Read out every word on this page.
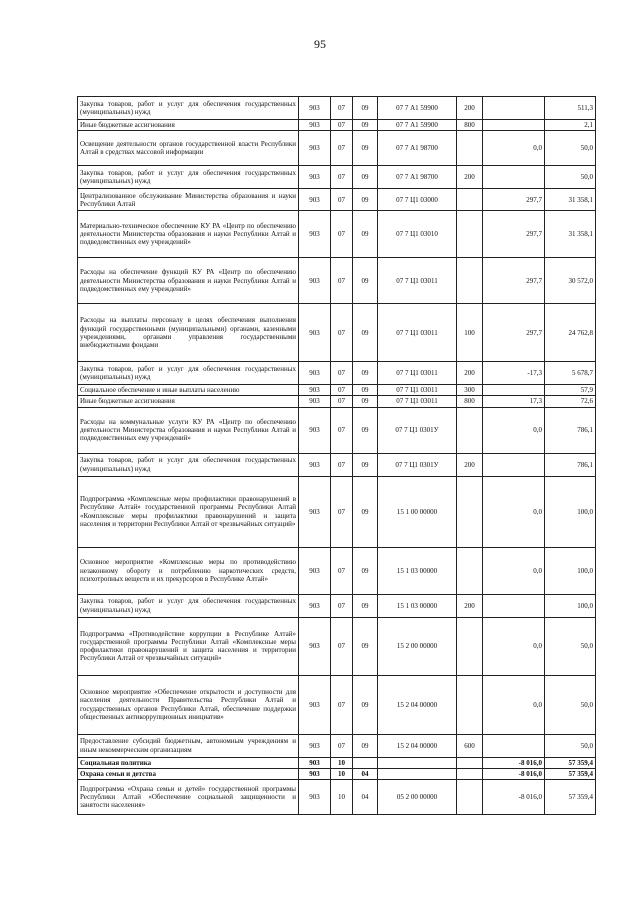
95
Закупка товаров, работ и услуг для обеспечения государственных (муниципальных) нужд	903	07	09	07 7 А1 59900	200		511,3
Иные бюджетные ассигнования	903	07	09	07 7 А1 59900	800		2,1
Освещение деятельности органов государственной власти Республики Алтай в средствах массовой информации	903	07	09	07 7 А1 98700		0,0	50,0
Закупка товаров, работ и услуг для обеспечения государственных (муниципальных) нужд	903	07	09	07 7 А1 98700	200		50,0
Централизованное обслуживание Министерства образования и науки Республики Алтай	903	07	09	07 7 Ц1 03000		297,7	31 358,1
Материально-техническое обеспечение КУ РА «Центр по обеспечению деятельности Министерства образования и науки Республики Алтай и подведомственных ему учреждений»	903	07	09	07 7 Ц1 03010		297,7	31 358,1
Расходы на обеспечение функций КУ РА «Центр по обеспечению деятельности Министерства образования и науки Республики Алтай и подведомственных ему учреждений»	903	07	09	07 7 Ц1 03011		297,7	30 572,0
Расходы на выплаты персоналу в целях обеспечения выполнения функций государственными (муниципальными) органами, казенными учреждениями, органами управления государственными внебюджетными фондами	903	07	09	07 7 Ц1 03011	100	297,7	24 762,8
Закупка товаров, работ и услуг для обеспечения государственных (муниципальных) нужд	903	07	09	07 7 Ц1 03011	200	-17,3	5 678,7
Социальное обеспечение и иные выплаты населению	903	07	09	07 7 Ц1 03011	300		57,9
Иные бюджетные ассигнования	903	07	09	07 7 Ц1 03011	800	17,3	72,6
Расходы на коммунальные услуги КУ РА «Центр по обеспечению деятельности Министерства образования и науки Республики Алтай и подведомственных ему учреждений»	903	07	09	07 7 Ц1 0301У		0,0	786,1
Закупка товаров, работ и услуг для обеспечения государственных (муниципальных) нужд	903	07	09	07 7 Ц1 0301У	200		786,1
Подпрограмма «Комплексные меры профилактики правонарушений в Республике Алтай» государственной программы Республики Алтай «Комплексные меры профилактики правонарушений и защита населения и территории Республики Алтай от чрезвычайных ситуаций»	903	07	09	15 1 00 00000		0,0	100,0
Основное мероприятие «Комплексные меры по противодействию незаконному обороту и потреблению наркотических средств, психотропных веществ и их прекурсоров в Республике Алтай»	903	07	09	15 1 03 00000		0,0	100,0
Закупка товаров, работ и услуг для обеспечения государственных (муниципальных) нужд	903	07	09	15 1 03 00000	200		100,0
Подпрограмма «Противодействие коррупции в Республике Алтай» государственной программы Республики Алтай «Комплексные меры профилактики правонарушений и защита населения и территории Республики Алтай от чрезвычайных ситуаций»	903	07	09	15 2 00 00000		0,0	50,0
Основное мероприятие «Обеспечение открытости и доступности для населения деятельности Правительства Республики Алтай и государственных органов Республики Алтай, обеспечение поддержки общественных антикоррупционных инициатив»	903	07	09	15 2 04 00000		0,0	50,0
Предоставление субсидий бюджетным, автономным учреждениям и иным некоммерческим организациям	903	07	09	15 2 04 00000	600		50,0
Социальная политика	903	10				-8 016,0	57 359,4
Охрана семьи и детства	903	10	04			-8 016,0	57 359,4
Подпрограмма «Охрана семьи и детей» государственной программы Республики Алтай «Обеспечение социальной защищенности и занятости населения»	903	10	04	05 2 00 00000		-8 016,0	57 359,4
